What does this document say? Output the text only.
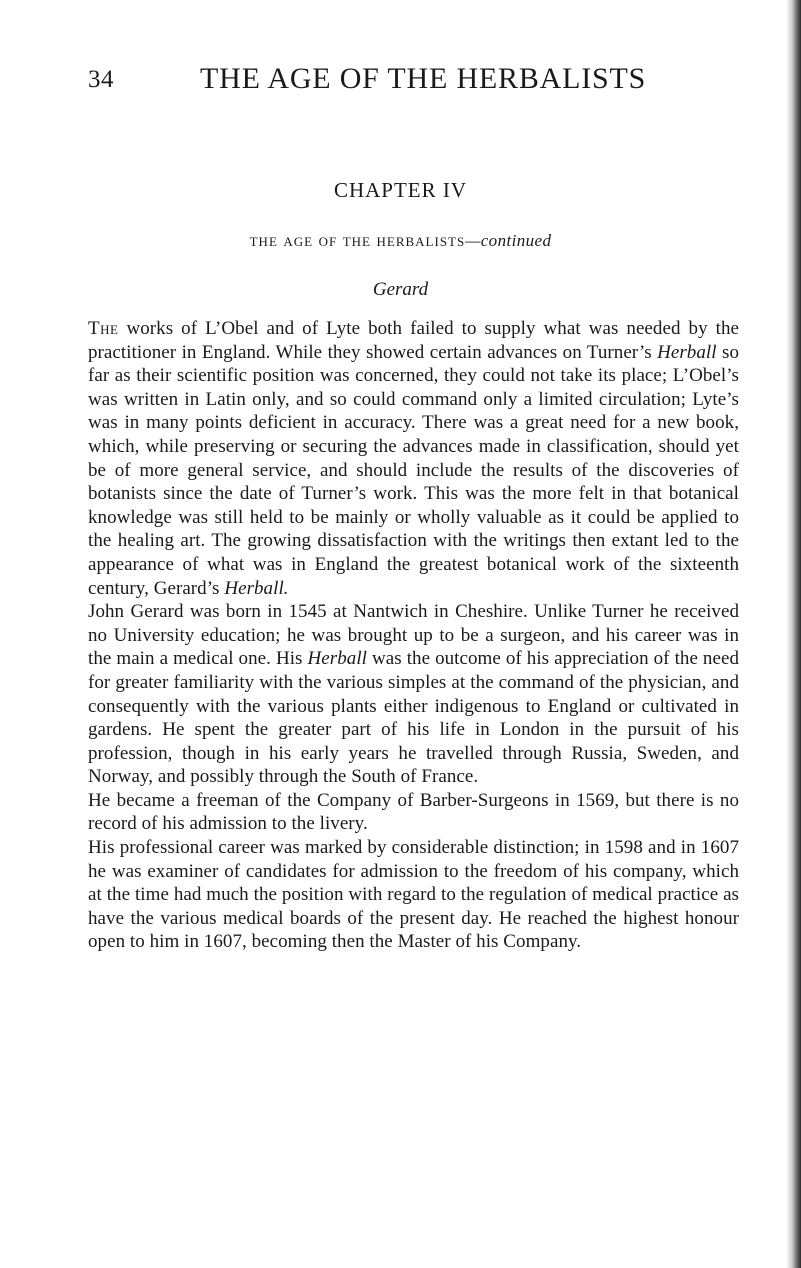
34	THE AGE OF THE HERBALISTS
CHAPTER IV
the age of the herbalists—continued
Gerard

The works of L’Obel and of Lyte both failed to supply what was needed by the practitioner in England. While they showed certain advances on Turner’s Herball so far as their scientific position was concerned, they could not take its place; L’Obel’s was written in Latin only, and so could command only a limited circulation; Lyte’s was in many points deficient in accuracy. There was a great need for a new book, which, while preserving or securing the advances made in classification, should yet be of more general service, and should include the results of the discoveries of botanists since the date of Turner’s work. This was the more felt in that botanical knowledge was still held to be mainly or wholly valuable as it could be applied to the healing art. The growing dissatisfaction with the writings then extant led to the appearance of what was in England the greatest botanical work of the sixteenth century, Gerard’s Herball.

John Gerard was born in 1545 at Nantwich in Cheshire. Unlike Turner he received no University education; he was brought up to be a surgeon, and his career was in the main a medical one. His Herball was the outcome of his appreciation of the need for greater familiarity with the various simples at the command of the physician, and consequently with the various plants either indigenous to England or cultivated in gardens. He spent the greater part of his life in London in the pursuit of his profession, though in his early years he travelled through Russia, Sweden, and Norway, and possibly through the South of France.

He became a freeman of the Company of Barber-Surgeons in 1569, but there is no record of his admission to the livery.

His professional career was marked by considerable distinction; in 1598 and in 1607 he was examiner of candidates for admission to the freedom of his company, which at the time had much the position with regard to the regulation of medical practice as have the various medical boards of the present day. He reached the highest honour open to him in 1607, becoming then the Master of his Company.
